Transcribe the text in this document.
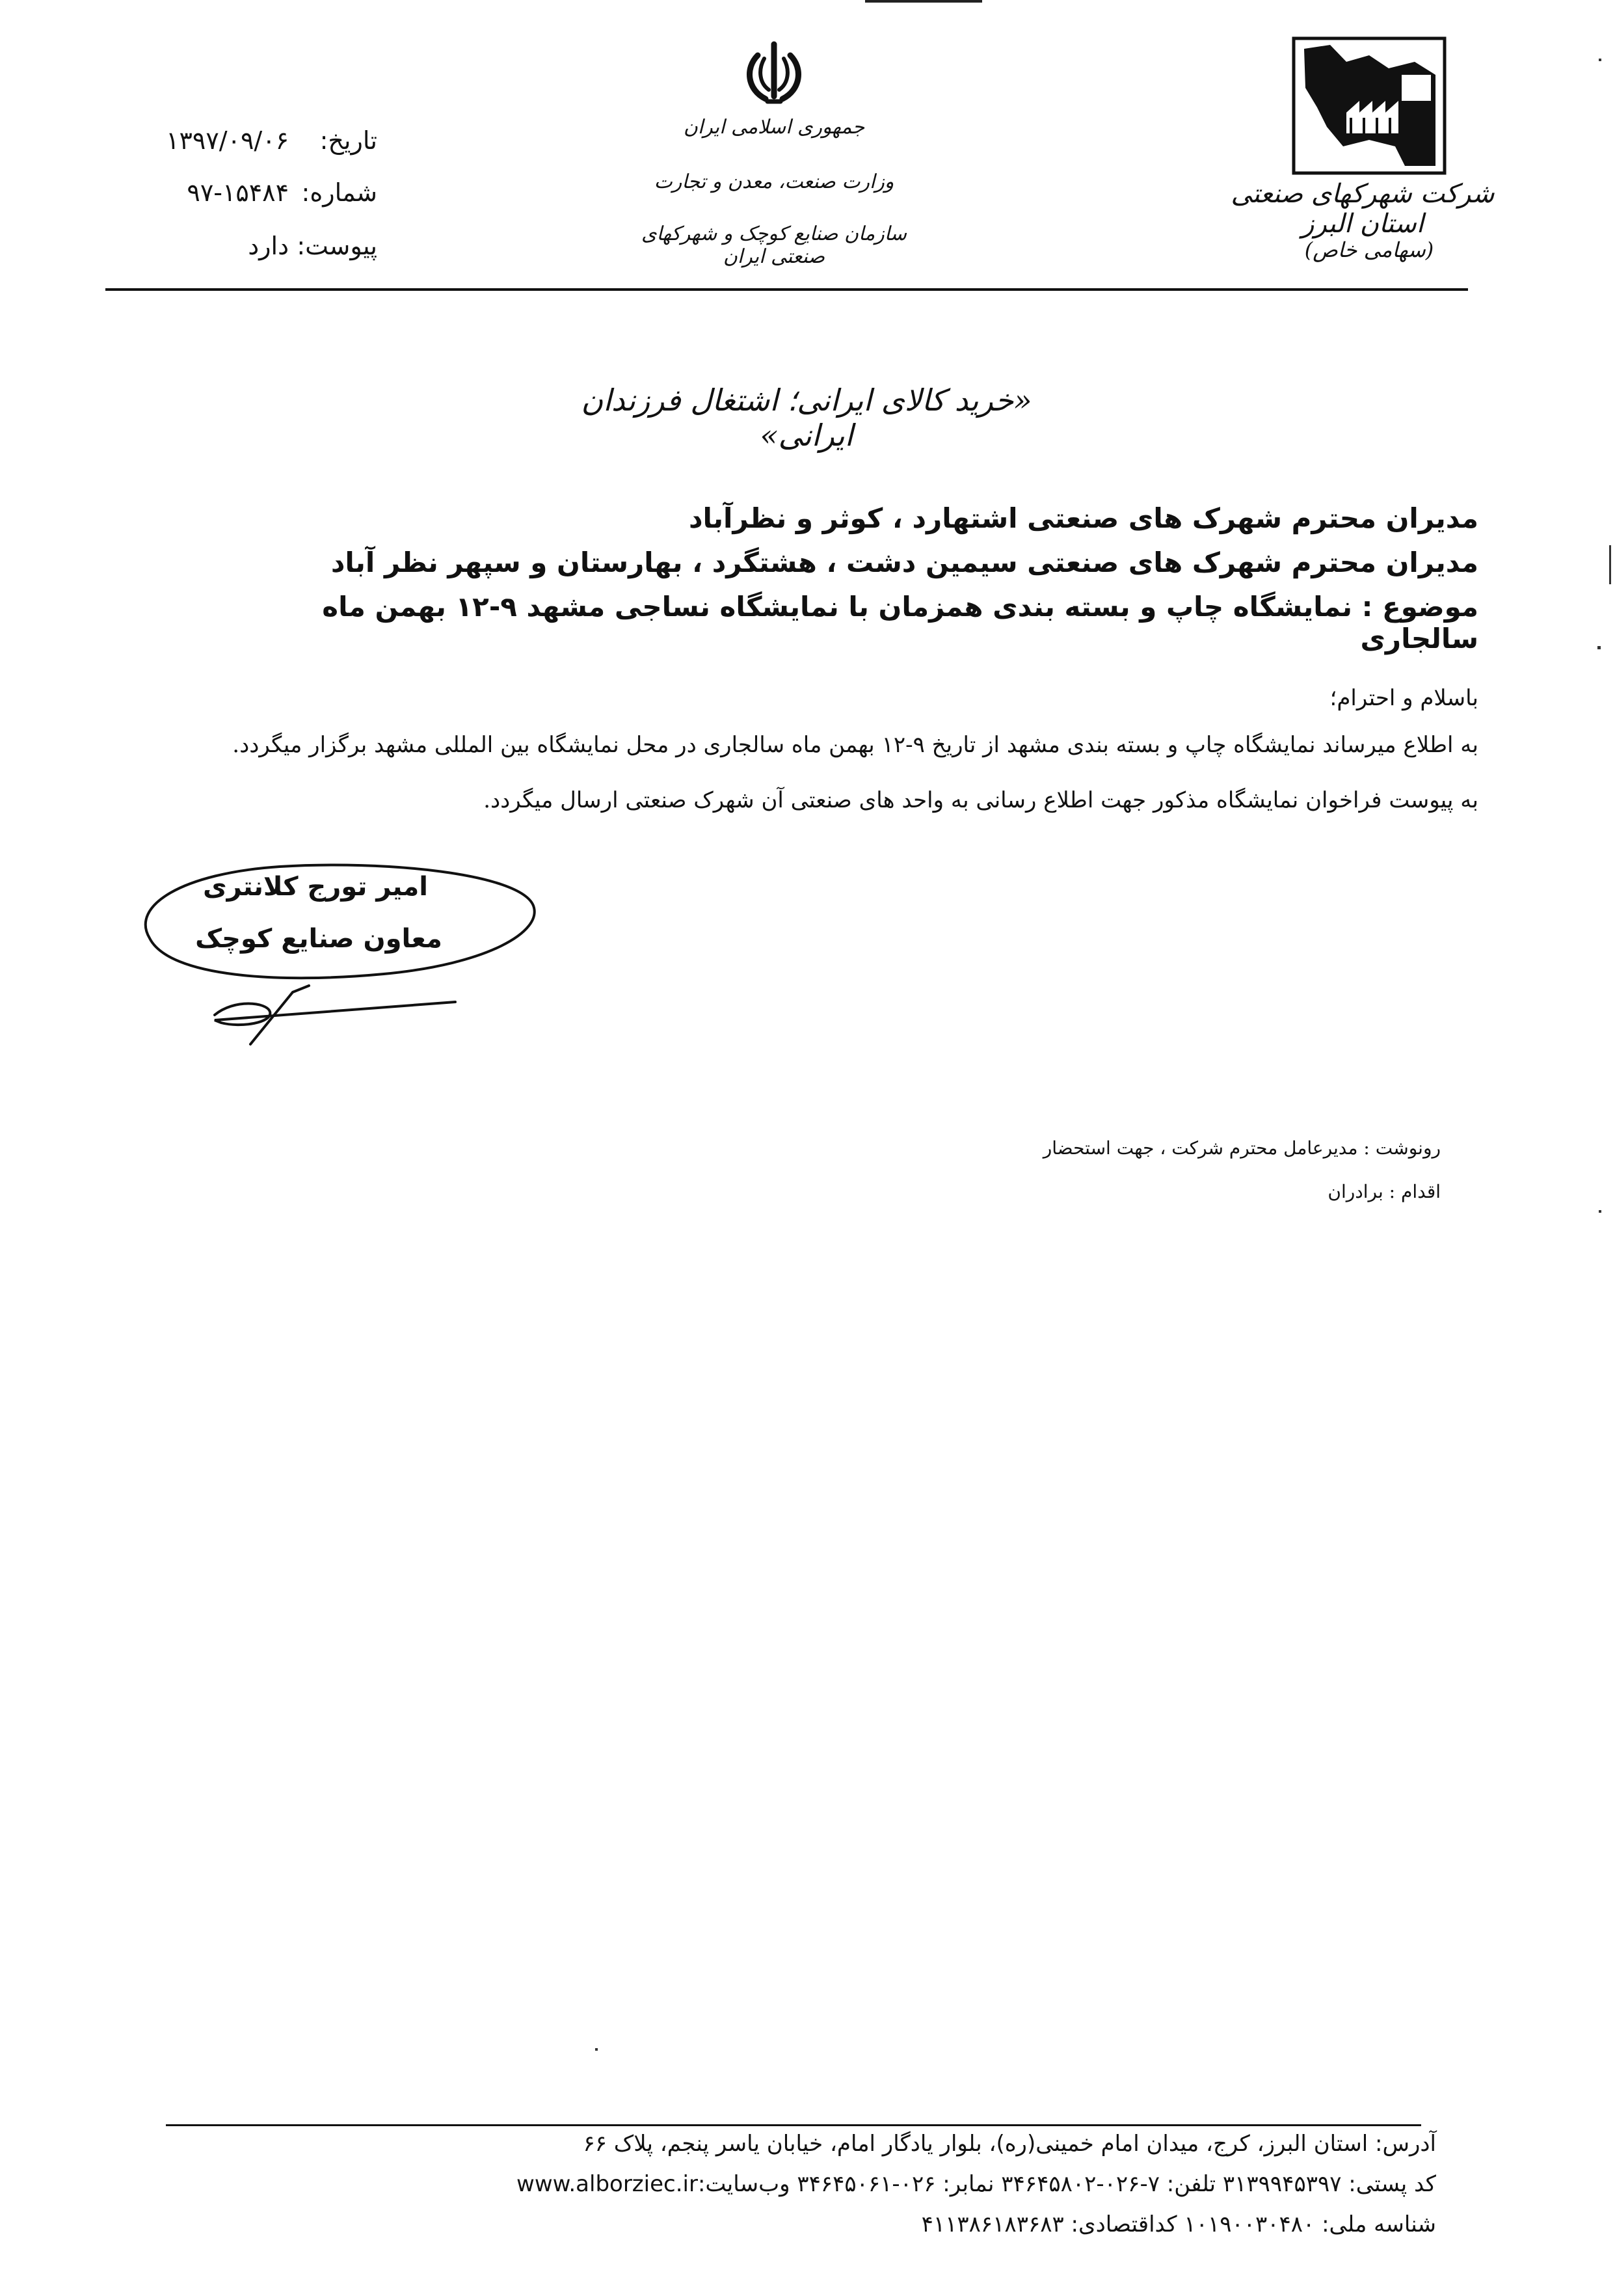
شرکت شهرکهای صنعتی استان البرز
(سهامی خاص)
جمهوری اسلامی ایران
وزارت صنعت، معدن و تجارت
سازمان صنایع کوچک و شهرکهای صنعتی ایران
تاریخ:
۱۳۹۷/۰۹/۰۶
شماره:
۹۷-۱۵۴۸۴
پیوست:
دارد
«خرید کالای ایرانی؛ اشتغال فرزندان ایرانی»
مدیران محترم شهرک های صنعتی اشتهارد ، کوثر و نظرآباد
مدیران محترم شهرک های صنعتی سیمین دشت ، هشتگرد ، بهارستان و سپهر نظر آباد
موضوع : نمایشگاه چاپ و بسته بندی همزمان با نمایشگاه نساجی مشهد ۹-۱۲ بهمن ماه سالجاری
باسلام و احترام؛
به اطلاع میرساند نمایشگاه چاپ و بسته بندی مشهد از تاریخ ۹-۱۲ بهمن ماه سالجاری در محل نمایشگاه بین المللی مشهد برگزار میگردد.
به پیوست فراخوان نمایشگاه مذکور جهت اطلاع رسانی به واحد های صنعتی آن شهرک صنعتی ارسال میگردد.
امیر تورج کلانتری
معاون صنایع کوچک
رونوشت : مدیرعامل محترم شرکت ، جهت استحضار
اقدام : برادران
آدرس: استان البرز، کرج، میدان امام خمینی(ره)، بلوار یادگار امام، خیابان یاسر پنجم، پلاک ۶۶
کد پستی: ۳۱۳۹۹۴۵۳۹۷ تلفن: ۷-۰۲۶-۳۴۶۴۵۸۰۲ نمابر: ۰۲۶-۳۴۶۴۵۰۶۱ وب‌سایت:www.alborziec.ir
شناسه ملی: ۱۰۱۹۰۰۳۰۴۸۰ کداقتصادی: ۴۱۱۳۸۶۱۸۳۶۸۳
